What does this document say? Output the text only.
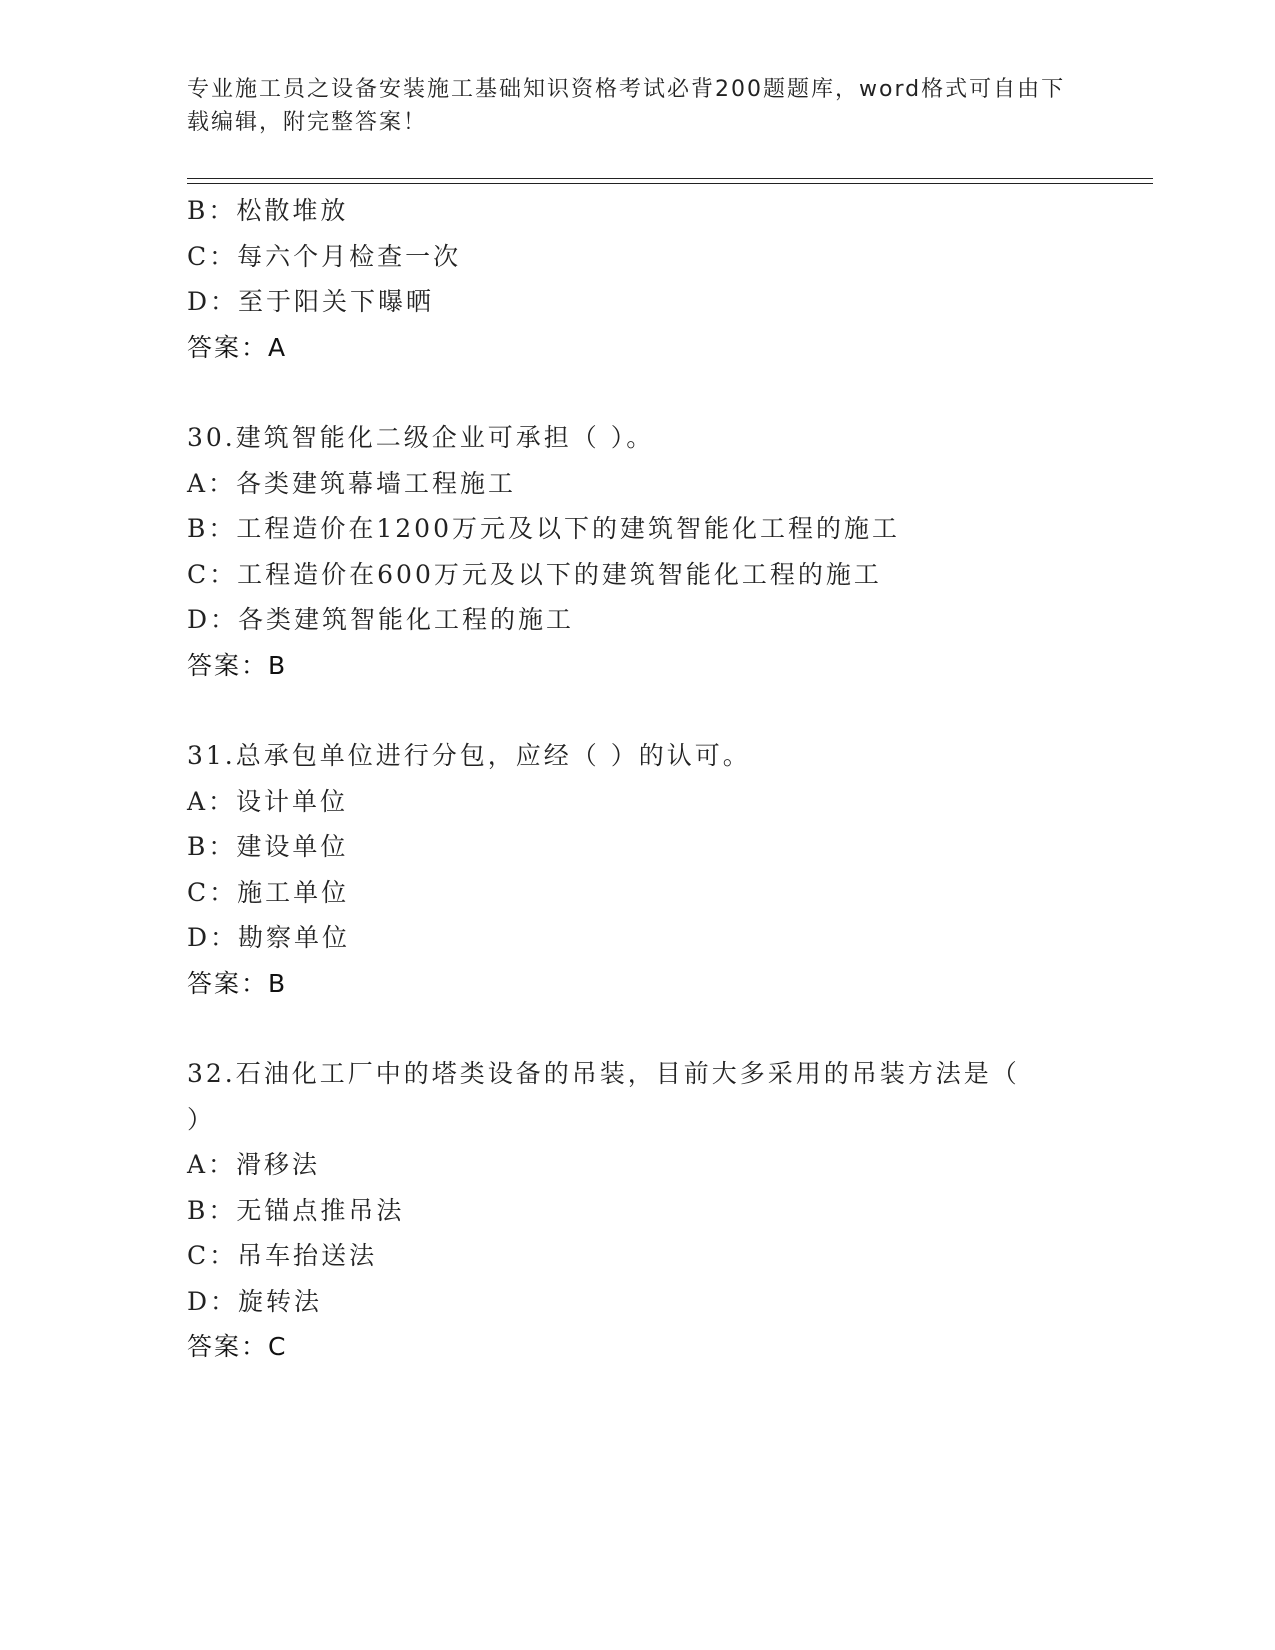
专业施工员之设备安装施工基础知识资格考试必背200题题库，word格式可自由下载编辑，附完整答案！
B：松散堆放
C：每六个月检查一次
D：至于阳关下曝晒
答案：A
30.建筑智能化二级企业可承担（ ）。
A：各类建筑幕墙工程施工
B：工程造价在1200万元及以下的建筑智能化工程的施工
C：工程造价在600万元及以下的建筑智能化工程的施工
D：各类建筑智能化工程的施工
答案：B
31.总承包单位进行分包，应经（ ）的认可。
A：设计单位
B：建设单位
C：施工单位
D：勘察单位
答案：B
32.石油化工厂中的塔类设备的吊装，目前大多采用的吊装方法是（
）
A：滑移法
B：无锚点推吊法
C：吊车抬送法
D：旋转法
答案：C
